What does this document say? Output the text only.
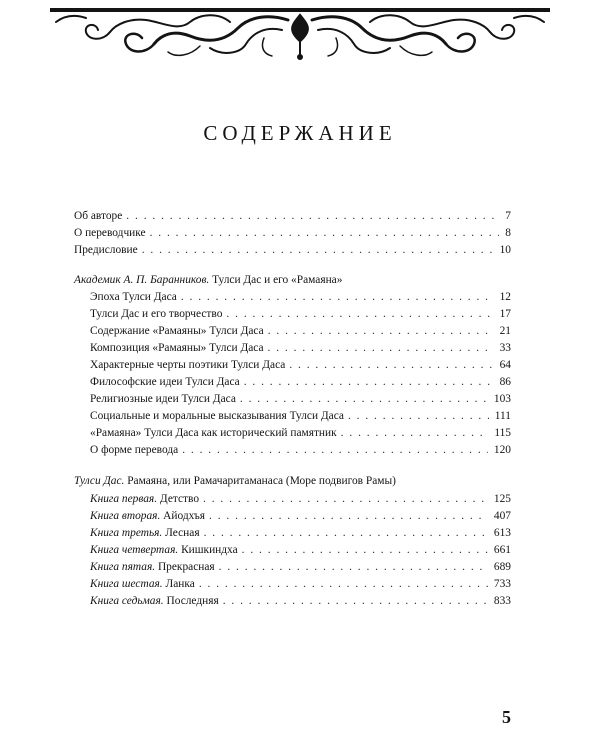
СОДЕРЖАНИЕ
Об авторе . . .	7
О переводчике . . .	8
Предисловие . . .	10
Академик А. П. Баранников. Тулси Дас и его «Рамаяна»
Эпоха Тулси Даса . . .	12
Тулси Дас и его творчество . . .	17
Содержание «Рамаяны» Тулси Даса . . .	21
Композиция «Рамаяны» Тулси Даса . . .	33
Характерные черты поэтики Тулси Даса . . .	64
Философские идеи Тулси Даса . . .	86
Религиозные идеи Тулси Даса . . .	103
Социальные и моральные высказывания Тулси Даса . . .	111
«Рамаяна» Тулси Даса как исторический памятник . . .	115
О форме перевода . . .	120
Тулси Дас. Рамаяна, или Рамачаритаманаса (Море подвигов Рамы)
Книга первая. Детство . . .	125
Книга вторая. Айодхъя . . .	407
Книга третья. Лесная . . .	613
Книга четвертая. Кишкиндха . . .	661
Книга пятая. Прекрасная . . .	689
Книга шестая. Ланка . . .	733
Книга седьмая. Последняя . . .	833
5
